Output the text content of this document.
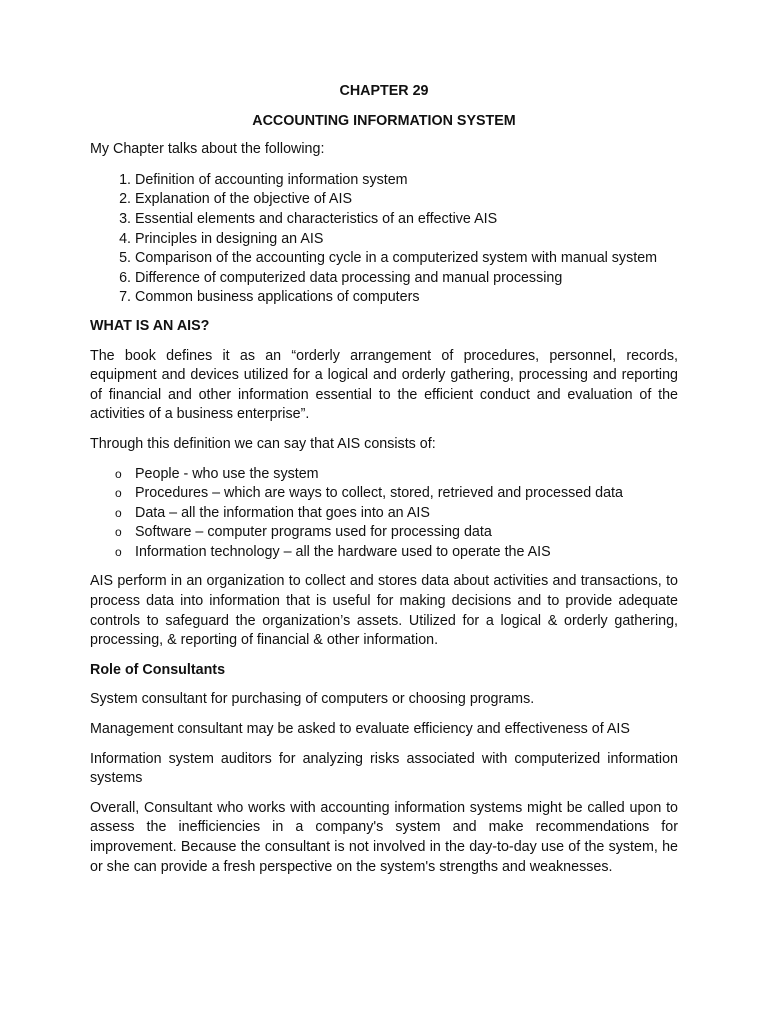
CHAPTER 29

ACCOUNTING INFORMATION SYSTEM

My Chapter talks about the following:

1. Definition of accounting information system
2. Explanation of the objective of AIS
3. Essential elements and characteristics of an effective AIS
4. Principles in designing an AIS
5. Comparison of the accounting cycle in a computerized system with manual system
6. Difference of computerized data processing and manual processing
7. Common business applications of computers

WHAT IS AN AIS?

The book defines it as an “orderly arrangement of procedures, personnel, records, equipment and devices utilized for a logical and orderly gathering, processing and reporting of financial and other information essential to the efficient conduct and evaluation of the activities of a business enterprise”.

Through this definition we can say that AIS consists of:

o People - who use the system
o Procedures – which are ways to collect, stored, retrieved and processed data
o Data – all the information that goes into an AIS
o Software – computer programs used for processing data
o Information technology – all the hardware used to operate the AIS

AIS perform in an organization to collect and stores data about activities and transactions, to process data into information that is useful for making decisions and to provide adequate controls to safeguard the organization’s assets. Utilized for a logical & orderly gathering, processing, & reporting of financial & other information.

Role of Consultants

System consultant for purchasing of computers or choosing programs.

Management consultant may be asked to evaluate efficiency and effectiveness of AIS

Information system auditors for analyzing risks associated with computerized information systems

Overall, Consultant who works with accounting information systems might be called upon to assess the inefficiencies in a company's system and make recommendations for improvement. Because the consultant is not involved in the day-to-day use of the system, he or she can provide a fresh perspective on the system's strengths and weaknesses.
